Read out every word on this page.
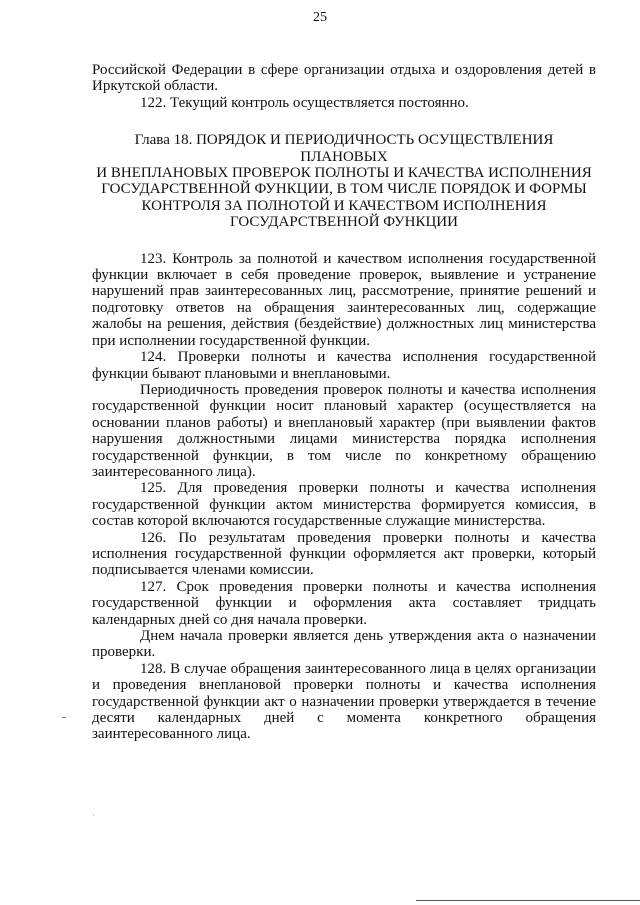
25

Российской Федерации в сфере организации отдыха и оздоровления детей в Иркутской области.

122. Текущий контроль осуществляется постоянно.

Глава 18. ПОРЯДОК И ПЕРИОДИЧНОСТЬ ОСУЩЕСТВЛЕНИЯ
ПЛАНОВЫХ
И ВНЕПЛАНОВЫХ ПРОВЕРОК ПОЛНОТЫ И КАЧЕСТВА ИСПОЛНЕНИЯ
ГОСУДАРСТВЕННОЙ ФУНКЦИИ, В ТОМ ЧИСЛЕ ПОРЯДОК И ФОРМЫ
КОНТРОЛЯ ЗА ПОЛНОТОЙ И КАЧЕСТВОМ ИСПОЛНЕНИЯ
ГОСУДАРСТВЕННОЙ ФУНКЦИИ

123. Контроль за полнотой и качеством исполнения государственной функции включает в себя проведение проверок, выявление и устранение нарушений прав заинтересованных лиц, рассмотрение, принятие решений и подготовку ответов на обращения заинтересованных лиц, содержащие жалобы на решения, действия (бездействие) должностных лиц министерства при исполнении государственной функции.

124. Проверки полноты и качества исполнения государственной функции бывают плановыми и внеплановыми.

Периодичность проведения проверок полноты и качества исполнения государственной функции носит плановый характер (осуществляется на основании планов работы) и внеплановый характер (при выявлении фактов нарушения должностными лицами министерства порядка исполнения государственной функции, в том числе по конкретному обращению заинтересованного лица).

125. Для проведения проверки полноты и качества исполнения государственной функции актом министерства формируется комиссия, в состав которой включаются государственные служащие министерства.

126. По результатам проведения проверки полноты и качества исполнения государственной функции оформляется акт проверки, который подписывается членами комиссии.

127. Срок проведения проверки полноты и качества исполнения государственной функции и оформления акта составляет тридцать календарных дней со дня начала проверки.

Днем начала проверки является день утверждения акта о назначении проверки.

128. В случае обращения заинтересованного лица в целях организации и проведения внеплановой проверки полноты и качества исполнения государственной функции акт о назначении проверки утверждается в течение десяти календарных дней с момента конкретного обращения

заинтересованного лица.
